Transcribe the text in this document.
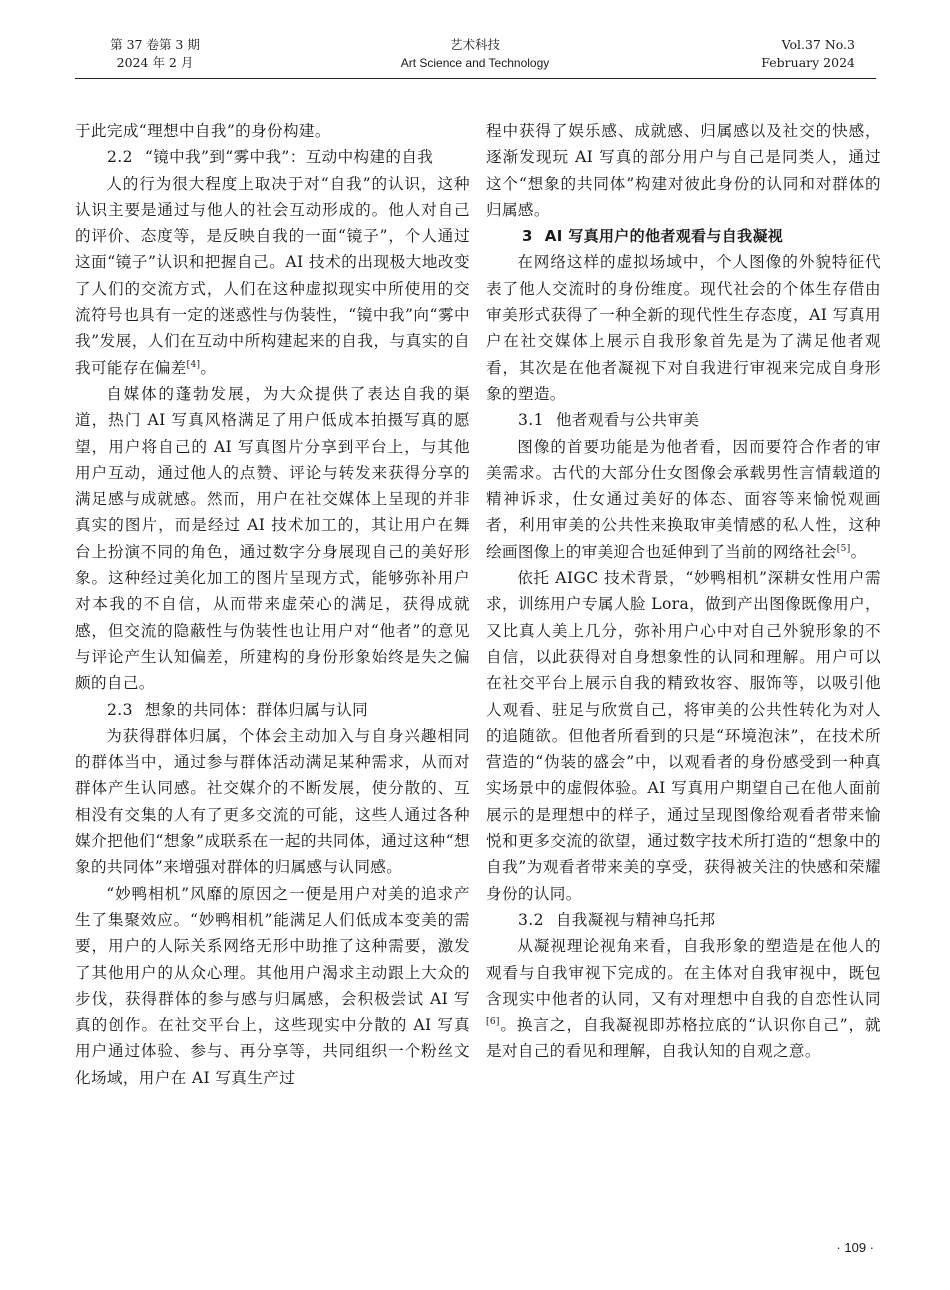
第 37 卷第 3 期
2024 年 2 月
艺术科技
Art Science and Technology
Vol.37 No.3
February 2024

于此完成“理想中自我”的身份构建。

2.2 “镜中我”到“雾中我”：互动中构建的自我

人的行为很大程度上取决于对“自我”的认识，这种认识主要是通过与他人的社会互动形成的。他人对自己的评价、态度等，是反映自我的一面“镜子”，个人通过这面“镜子”认识和把握自己。AI 技术的出现极大地改变了人们的交流方式，人们在这种虚拟现实中所使用的交流符号也具有一定的迷惑性与伪装性，“镜中我”向“雾中我”发展，人们在互动中所构建起来的自我，与真实的自我可能存在偏差[4]。

自媒体的蓬勃发展，为大众提供了表达自我的渠道，热门 AI 写真风格满足了用户低成本拍摄写真的愿望，用户将自己的 AI 写真图片分享到平台上，与其他用户互动，通过他人的点赞、评论与转发来获得分享的满足感与成就感。然而，用户在社交媒体上呈现的并非真实的图片，而是经过 AI 技术加工的，其让用户在舞台上扮演不同的角色，通过数字分身展现自己的美好形象。这种经过美化加工的图片呈现方式，能够弥补用户对本我的不自信，从而带来虚荣心的满足，获得成就感，但交流的隐蔽性与伪装性也让用户对“他者”的意见与评论产生认知偏差，所建构的身份形象始终是失之偏颇的自己。

2.3 想象的共同体：群体归属与认同

为获得群体归属，个体会主动加入与自身兴趣相同的群体当中，通过参与群体活动满足某种需求，从而对群体产生认同感。社交媒介的不断发展，使分散的、互相没有交集的人有了更多交流的可能，这些人通过各种媒介把他们“想象”成联系在一起的共同体，通过这种“想象的共同体”来增强对群体的归属感与认同感。

“妙鸭相机”风靡的原因之一便是用户对美的追求产生了集聚效应。“妙鸭相机”能满足人们低成本变美的需要，用户的人际关系网络无形中助推了这种需要，激发了其他用户的从众心理。其他用户渴求主动跟上大众的步伐，获得群体的参与感与归属感，会积极尝试 AI 写真的创作。在社交平台上，这些现实中分散的 AI 写真用户通过体验、参与、再分享等，共同组织一个粉丝文化场域，用户在 AI 写真生产过

程中获得了娱乐感、成就感、归属感以及社交的快感，逐渐发现玩 AI 写真的部分用户与自己是同类人，通过这个“想象的共同体”构建对彼此身份的认同和对群体的归属感。

3 AI 写真用户的他者观看与自我凝视

在网络这样的虚拟场域中，个人图像的外貌特征代表了他人交流时的身份维度。现代社会的个体生存借由审美形式获得了一种全新的现代性生存态度，AI 写真用户在社交媒体上展示自我形象首先是为了满足他者观看，其次是在他者凝视下对自我进行审视来完成自身形象的塑造。

3.1 他者观看与公共审美

图像的首要功能是为他者看，因而要符合作者的审美需求。古代的大部分仕女图像会承载男性言情载道的精神诉求，仕女通过美好的体态、面容等来愉悦观画者，利用审美的公共性来换取审美情感的私人性，这种绘画图像上的审美迎合也延伸到了当前的网络社会[5]。

依托 AIGC 技术背景，“妙鸭相机”深耕女性用户需求，训练用户专属人脸 Lora，做到产出图像既像用户，又比真人美上几分，弥补用户心中对自己外貌形象的不自信，以此获得对自身想象性的认同和理解。用户可以在社交平台上展示自我的精致妆容、服饰等，以吸引他人观看、驻足与欣赏自己，将审美的公共性转化为对人的追随欲。但他者所看到的只是“环境泡沫”，在技术所营造的“伪装的盛会”中，以观看者的身份感受到一种真实场景中的虚假体验。AI 写真用户期望自己在他人面前展示的是理想中的样子，通过呈现图像给观看者带来愉悦和更多交流的欲望，通过数字技术所打造的“想象中的自我”为观看者带来美的享受，获得被关注的快感和荣耀身份的认同。

3.2 自我凝视与精神乌托邦

从凝视理论视角来看，自我形象的塑造是在他人的观看与自我审视下完成的。在主体对自我审视中，既包含现实中他者的认同，又有对理想中自我的自恋性认同[6]。换言之，自我凝视即苏格拉底的“认识你自己”，就是对自己的看见和理解，自我认知的自观之意。

· 109 ·
